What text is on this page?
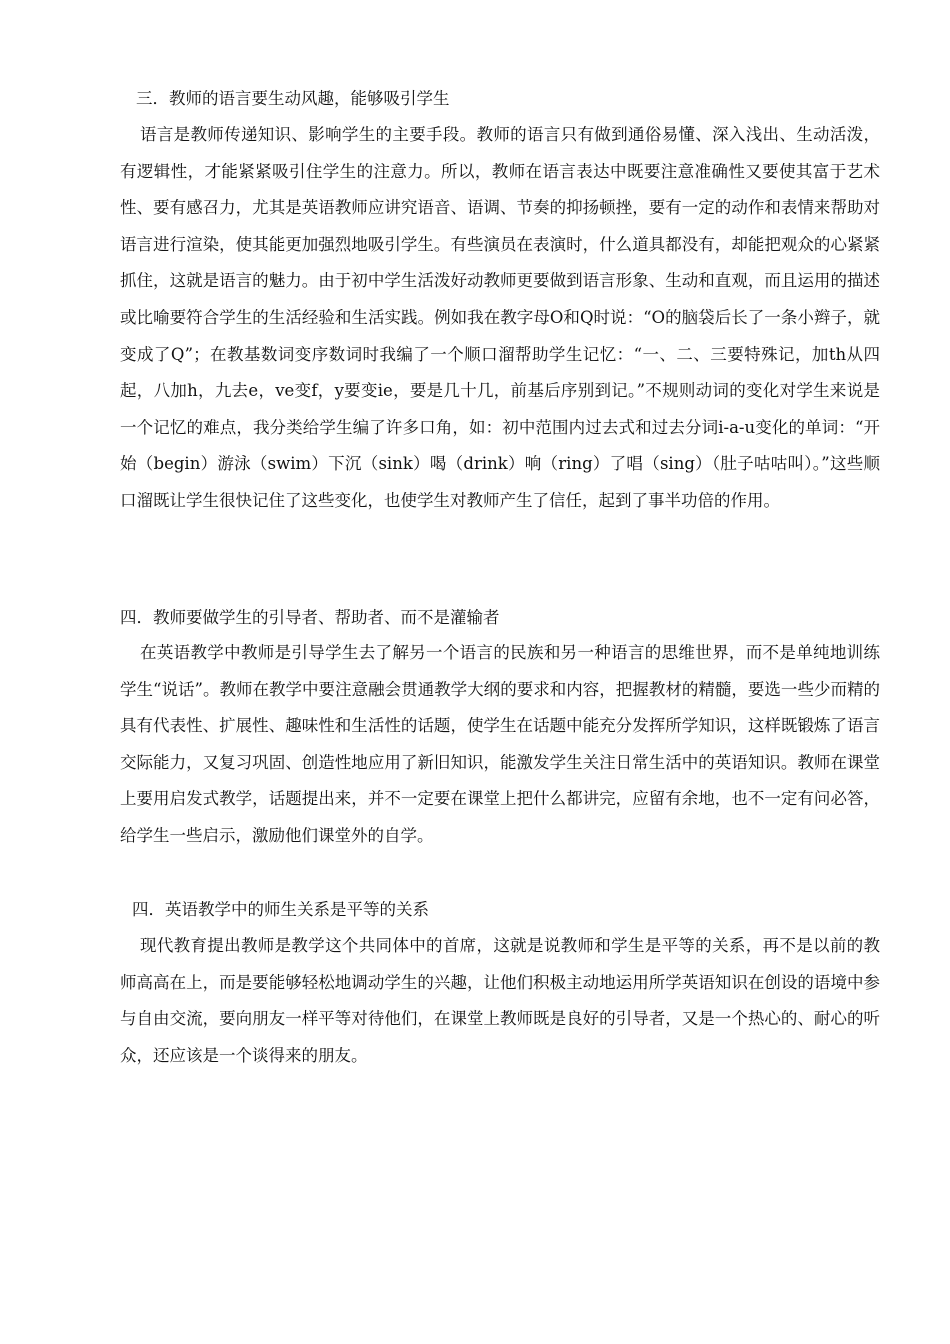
三．教师的语言要生动风趣，能够吸引学生

语言是教师传递知识、影响学生的主要手段。教师的语言只有做到通俗易懂、深入浅出、生动活泼，有逻辑性，才能紧紧吸引住学生的注意力。所以，教师在语言表达中既要注意准确性又要使其富于艺术性、要有感召力，尤其是英语教师应讲究语音、语调、节奏的抑扬顿挫，要有一定的动作和表情来帮助对语言进行渲染，使其能更加强烈地吸引学生。有些演员在表演时，什么道具都没有，却能把观众的心紧紧抓住，这就是语言的魅力。由于初中学生活泼好动教师更要做到语言形象、生动和直观，而且运用的描述或比喻要符合学生的生活经验和生活实践。例如我在教字母O和Q时说：“O的脑袋后长了一条小辫子，就变成了Q”；在教基数词变序数词时我编了一个顺口溜帮助学生记忆：“一、二、三要特殊记，加th从四起，八加h，九去e，ve变f，y要变ie，要是几十几，前基后序别到记。”不规则动词的变化对学生来说是一个记忆的难点，我分类给学生编了许多口角，如：初中范围内过去式和过去分词i-a-u变化的单词：“开始（begin）游泳（swim）下沉（sink）喝（drink）响（ring）了唱（sing）（肚子咕咕叫）。”这些顺口溜既让学生很快记住了这些变化，也使学生对教师产生了信任，起到了事半功倍的作用。

四．教师要做学生的引导者、帮助者、而不是灌输者

在英语教学中教师是引导学生去了解另一个语言的民族和另一种语言的思维世界，而不是单纯地训练学生“说话”。教师在教学中要注意融会贯通教学大纲的要求和内容，把握教材的精髓，要选一些少而精的具有代表性、扩展性、趣味性和生活性的话题，使学生在话题中能充分发挥所学知识，这样既锻炼了语言交际能力，又复习巩固、创造性地应用了新旧知识，能激发学生关注日常生活中的英语知识。教师在课堂上要用启发式教学，话题提出来，并不一定要在课堂上把什么都讲完，应留有余地，也不一定有问必答，给学生一些启示，激励他们课堂外的自学。

四．英语教学中的师生关系是平等的关系

现代教育提出教师是教学这个共同体中的首席，这就是说教师和学生是平等的关系，再不是以前的教师高高在上，而是要能够轻松地调动学生的兴趣，让他们积极主动地运用所学英语知识在创设的语境中参与自由交流，要向朋友一样平等对待他们，在课堂上教师既是良好的引导者，又是一个热心的、耐心的听众，还应该是一个谈得来的朋友。
